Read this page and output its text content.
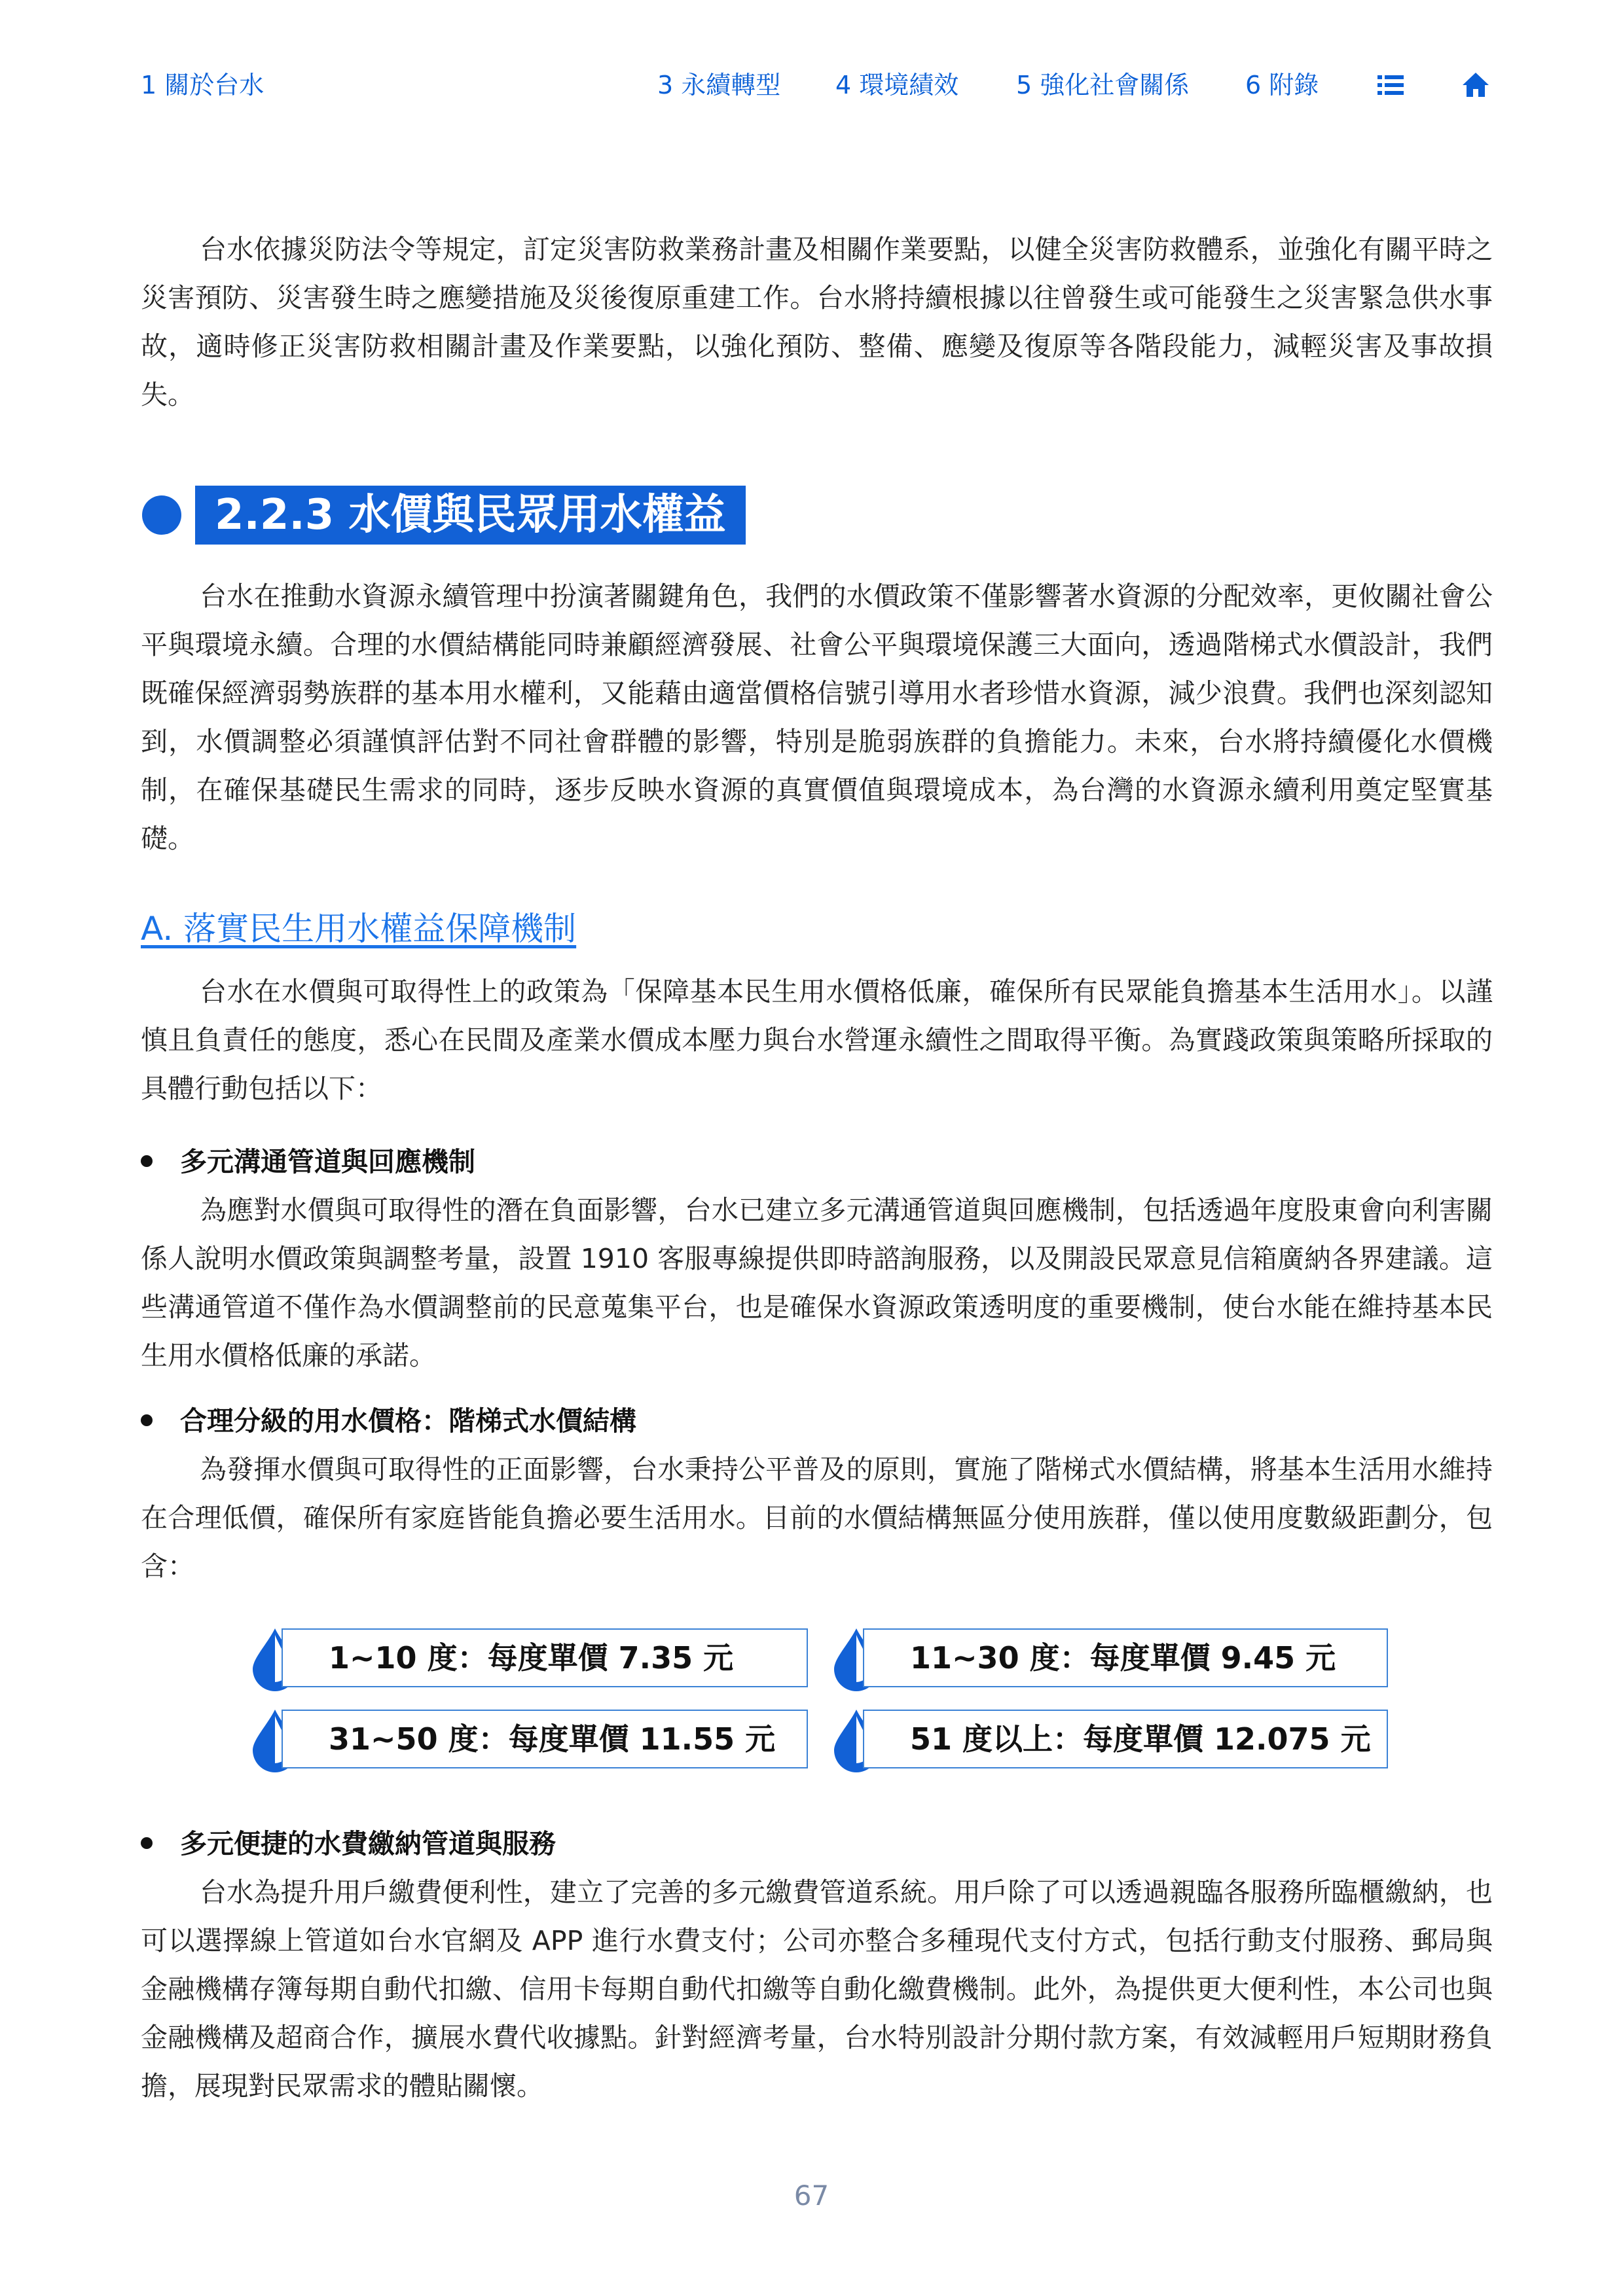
1 關於台水	3 永續轉型 4 環境績效 5 強化社會關係 6 附錄

台水依據災防法令等規定，訂定災害防救業務計畫及相關作業要點，以健全災害防救體系，並強化有關平時之災害預防、災害發生時之應變措施及災後復原重建工作。台水將持續根據以往曾發生或可能發生之災害緊急供水事故，適時修正災害防救相關計畫及作業要點，以強化預防、整備、應變及復原等各階段能力，減輕災害及事故損失。

2.2.3 水價與民眾用水權益

台水在推動水資源永續管理中扮演著關鍵角色，我們的水價政策不僅影響著水資源的分配效率，更攸關社會公平與環境永續。合理的水價結構能同時兼顧經濟發展、社會公平與環境保護三大面向，透過階梯式水價設計，我們既確保經濟弱勢族群的基本用水權利，又能藉由適當價格信號引導用水者珍惜水資源，減少浪費。我們也深刻認知到，水價調整必須謹慎評估對不同社會群體的影響，特別是脆弱族群的負擔能力。未來，台水將持續優化水價機制，在確保基礎民生需求的同時，逐步反映水資源的真實價值與環境成本，為台灣的水資源永續利用奠定堅實基礎。

A. 落實民生用水權益保障機制

台水在水價與可取得性上的政策為「保障基本民生用水價格低廉，確保所有民眾能負擔基本生活用水」。以謹慎且負責任的態度，悉心在民間及產業水價成本壓力與台水營運永續性之間取得平衡。為實踐政策與策略所採取的具體行動包括以下：

多元溝通管道與回應機制

為應對水價與可取得性的潛在負面影響，台水已建立多元溝通管道與回應機制，包括透過年度股東會向利害關係人說明水價政策與調整考量，設置 1910 客服專線提供即時諮詢服務，以及開設民眾意見信箱廣納各界建議。這些溝通管道不僅作為水價調整前的民意蒐集平台，也是確保水資源政策透明度的重要機制，使台水能在維持基本民生用水價格低廉的承諾。

合理分級的用水價格：階梯式水價結構

為發揮水價與可取得性的正面影響，台水秉持公平普及的原則，實施了階梯式水價結構，將基本生活用水維持在合理低價，確保所有家庭皆能負擔必要生活用水。目前的水價結構無區分使用族群，僅以使用度數級距劃分，包含：

1~10 度：每度單價 7.35 元	11~30 度：每度單價 9.45 元
31~50 度：每度單價 11.55 元	51 度以上：每度單價 12.075 元
多元便捷的水費繳納管道與服務

台水為提升用戶繳費便利性，建立了完善的多元繳費管道系統。用戶除了可以透過親臨各服務所臨櫃繳納，也可以選擇線上管道如台水官網及 APP 進行水費支付；公司亦整合多種現代支付方式，包括行動支付服務、郵局與金融機構存簿每期自動代扣繳、信用卡每期自動代扣繳等自動化繳費機制。此外，為提供更大便利性，本公司也與金融機構及超商合作，擴展水費代收據點。針對經濟考量，台水特別設計分期付款方案，有效減輕用戶短期財務負擔，展現對民眾需求的體貼關懷。

67
